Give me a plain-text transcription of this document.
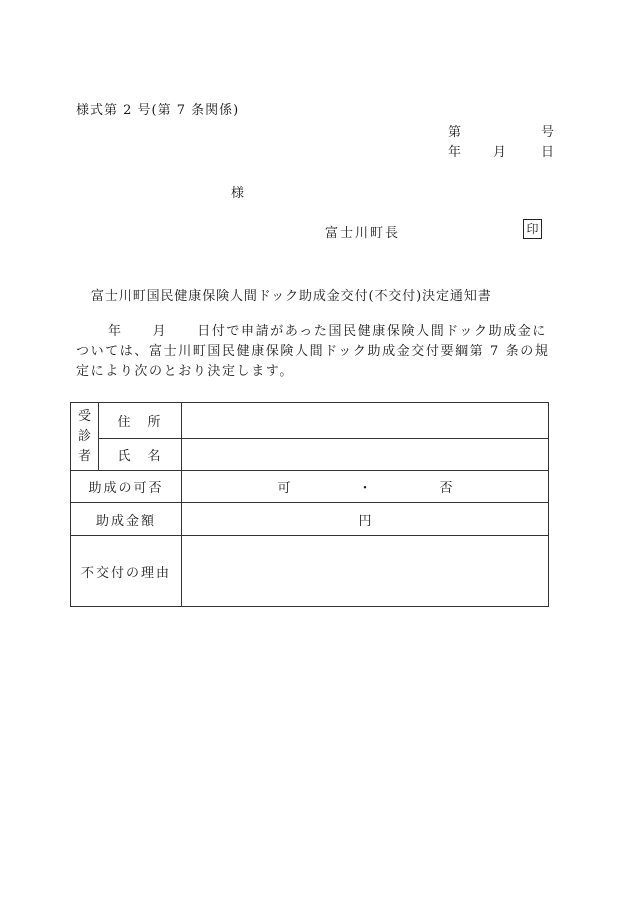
様式第 2 号(第 7 条関係)
第	号
年 月	日
様
富士川町長	印
富士川町国民健康保険人間ドック助成金交付(不交付)決定通知書
年 月 日付で申請があった国民健康保険人間ドック助成金については、富士川町国民健康保険人間ドック助成金交付要綱第 7 条の規定により次のとおり決定します。
受
診
者	住　所	
	氏　名	
助成の可否		可 ・ 否
助成金額		円
不交付の理由		
